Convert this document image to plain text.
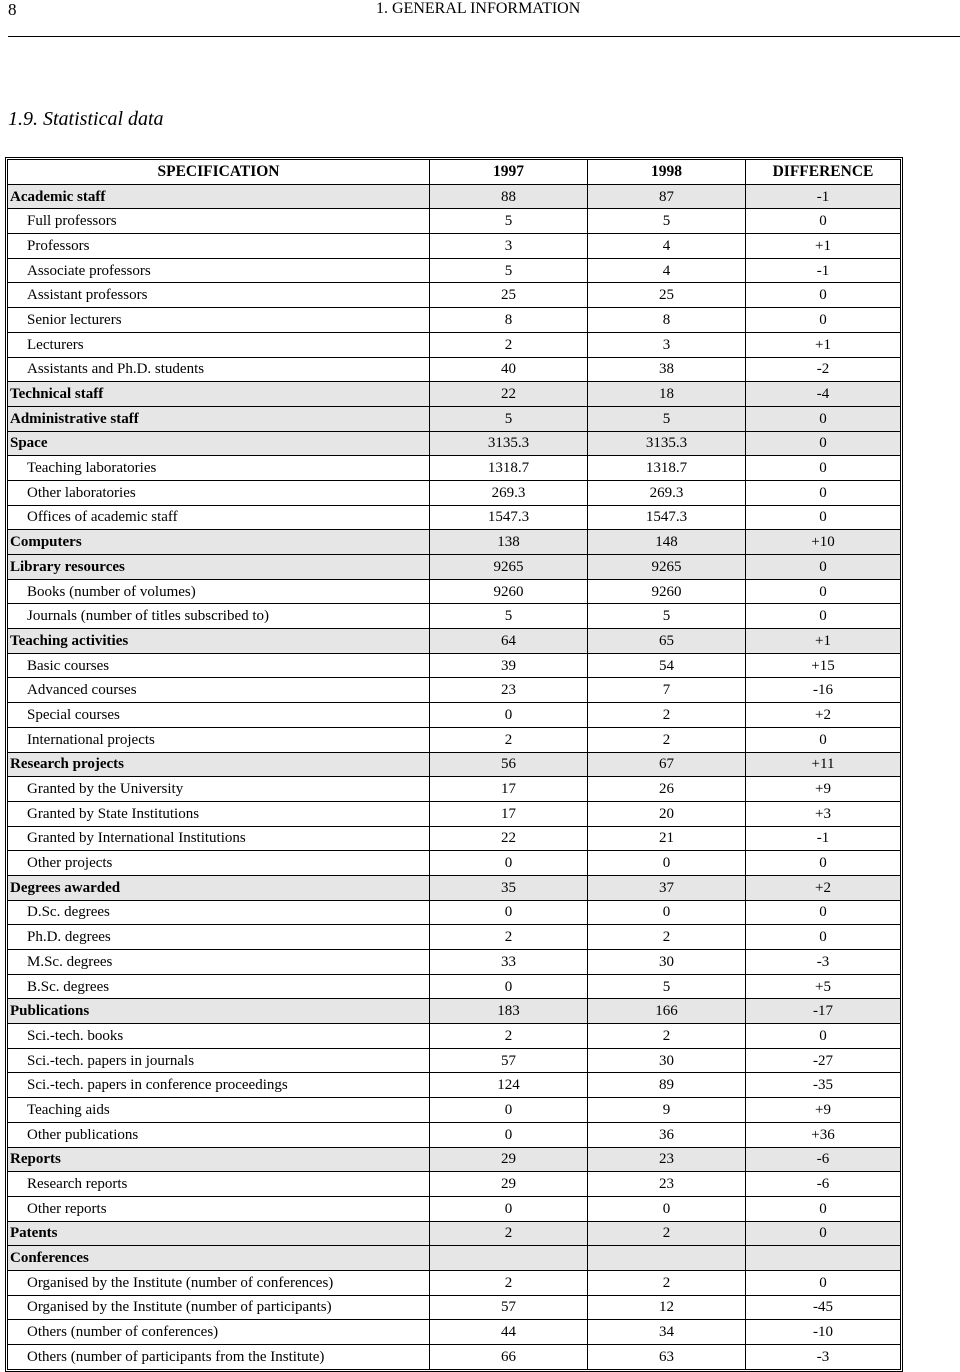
8	1. GENERAL INFORMATION
1.9. Statistical data
SPECIFICATION	1997	1998	DIFFERENCE
Academic staff	88	87	-1
Full professors	5	5	0
Professors	3	4	+1
Associate professors	5	4	-1
Assistant professors	25	25	0
Senior lecturers	8	8	0
Lecturers	2	3	+1
Assistants and Ph.D. students	40	38	-2
Technical staff	22	18	-4
Administrative staff	5	5	0
Space	3135.3	3135.3	0
Teaching laboratories	1318.7	1318.7	0
Other laboratories	269.3	269.3	0
Offices of academic staff	1547.3	1547.3	0
Computers	138	148	+10
Library resources	9265	9265	0
Books (number of volumes)	9260	9260	0
Journals (number of titles subscribed to)	5	5	0
Teaching activities	64	65	+1
Basic courses	39	54	+15
Advanced courses	23	7	-16
Special courses	0	2	+2
International projects	2	2	0
Research projects	56	67	+11
Granted by the University	17	26	+9
Granted by State Institutions	17	20	+3
Granted by International Institutions	22	21	-1
Other projects	0	0	0
Degrees awarded	35	37	+2
D.Sc. degrees	0	0	0
Ph.D. degrees	2	2	0
M.Sc. degrees	33	30	-3
B.Sc. degrees	0	5	+5
Publications	183	166	-17
Sci.-tech. books	2	2	0
Sci.-tech. papers in journals	57	30	-27
Sci.-tech. papers in conference proceedings	124	89	-35
Teaching aids	0	9	+9
Other publications	0	36	+36
Reports	29	23	-6
Research reports	29	23	-6
Other reports	0	0	0
Patents	2	2	0
Conferences			
Organised by the Institute (number of conferences)	2	2	0
Organised by the Institute (number of participants)	57	12	-45
Others (number of conferences)	44	34	-10
Others (number of participants from the Institute)	66	63	-3
